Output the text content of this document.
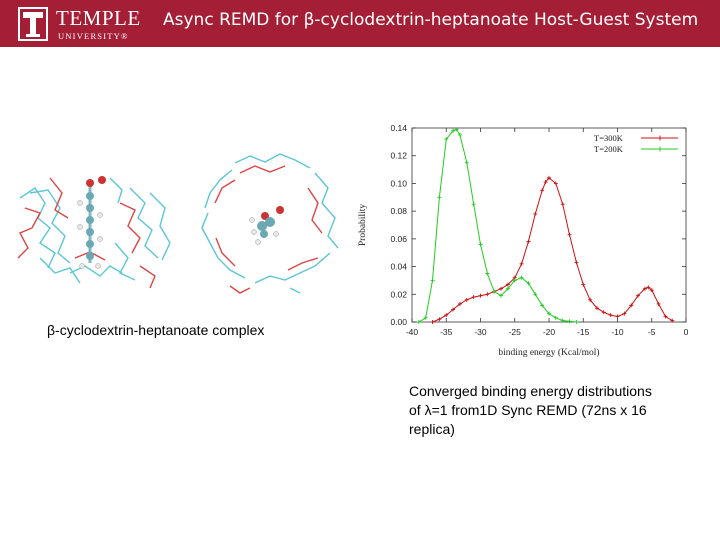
TEMPLE
UNIVERSITY®
Async REMD for β-cyclodextrin-heptanoate Host-Guest System
β-cyclodextrin-heptanoate complex	-40	-35	-30	-25	-20	-15	-10	-5	0
0.00
0.02
0.04
0.06
0.08
0.10
0.12
0.14
binding energy (Kcal/mol)
Probability
T=300K
T=200K
Converged binding energy distributions
of λ=1 from1D Sync REMD (72ns x 16
replica)
